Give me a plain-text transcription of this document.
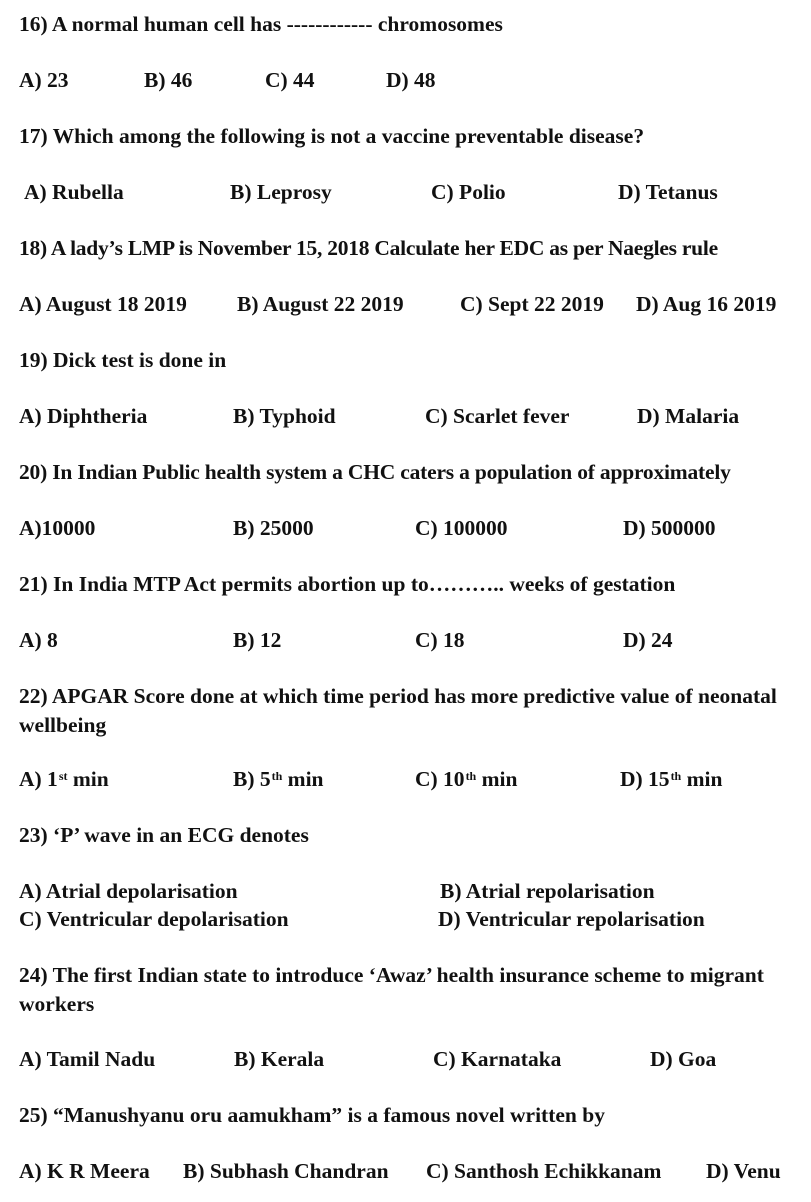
16) A normal human cell has ------------ chromosomes
A) 23	B) 46	C) 44	D) 48
17) Which among the following is not a vaccine preventable disease?
A) Rubella	B) Leprosy	C) Polio	D) Tetanus
18) A lady’s LMP is November 15, 2018 Calculate her EDC as per Naegles rule
A) August 18 2019 B) August 22 2019	C) Sept 22 2019 D) Aug 16 2019
19) Dick test is done in
A) Diphtheria	B) Typhoid	C) Scarlet fever	D) Malaria
20) In Indian Public health system a CHC caters a population of approximately
A)10000	B) 25000	C) 100000	D) 500000
21) In India MTP Act permits abortion up to……….. weeks of gestation
A) 8	B) 12	C) 18	D) 24
22) APGAR Score done at which time period has more predictive value of neonatal wellbeing
A) 1st min	B) 5th min	C) 10th min	D) 15th min
23) ‘P’ wave in an ECG denotes
A) Atrial depolarisation	B) Atrial repolarisation
C) Ventricular depolarisation	D) Ventricular repolarisation
24) The first Indian state to introduce ‘Awaz’ health insurance scheme to migrant workers
A) Tamil Nadu	B) Kerala	C) Karnataka	D) Goa
25) “Manushyanu oru aamukham” is a famous novel written by
A) K R Meera B) Subhash Chandran C) Santhosh Echikkanam D) Venu
